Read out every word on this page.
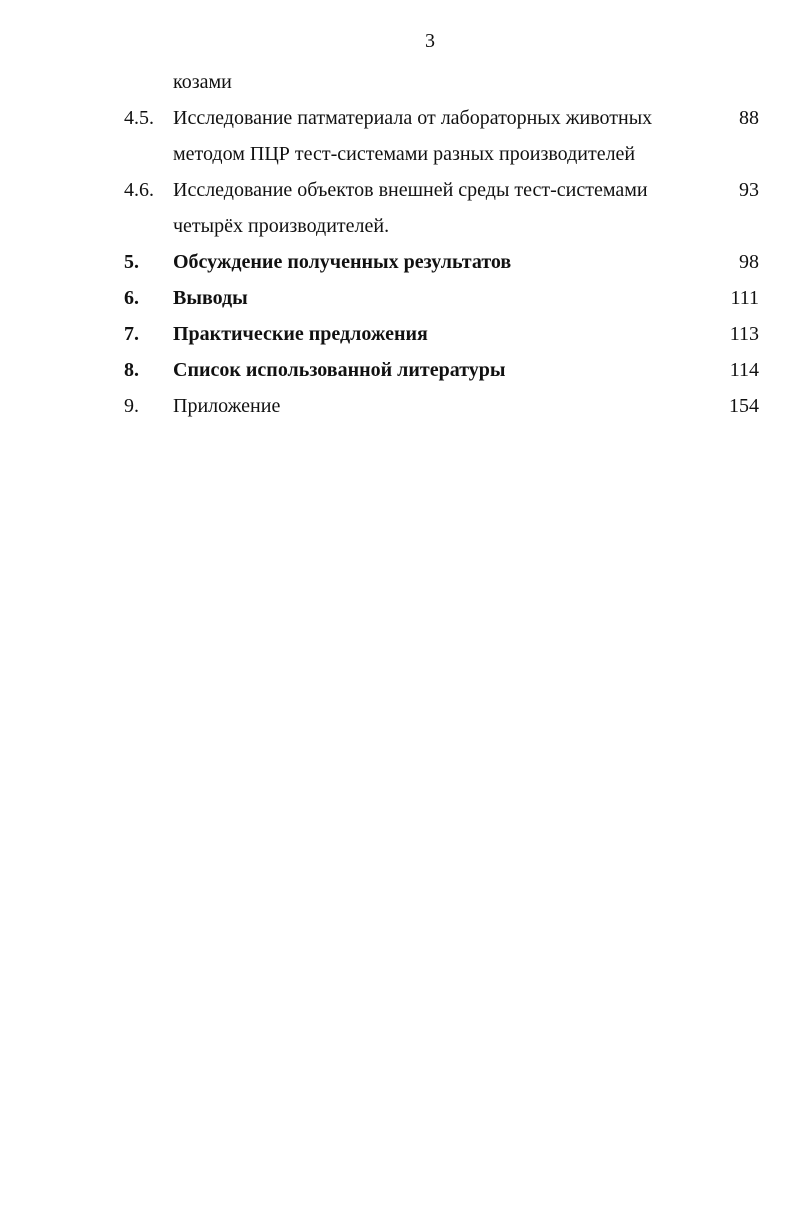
3
козами
4.5. Исследование патматериала от лабораторных животных	88
методом ПЦР тест-системами разных производителей
4.6. Исследование объектов внешней среды тест-системами	93
четырёх производителей.
5. Обсуждение полученных результатов	98
6. Выводы	111
7. Практические предложения	113
8. Список использованной литературы	114
9. Приложение	154
